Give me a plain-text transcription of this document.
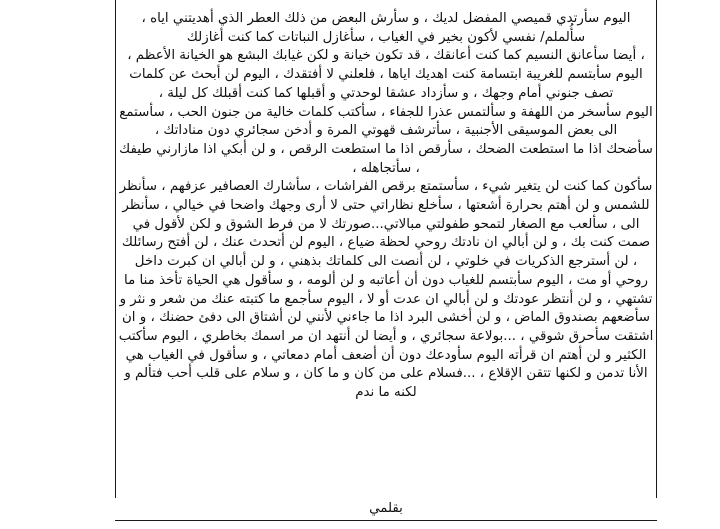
اليوم سأرتدي قميصي المفضل لديك ، و سأرش البعض من ذلك العطر الذي أهديتني اياه ، سأُلملم/ نفسي لأكون بخير في الغياب ، سأغازل النباتات كما كنت أغازلك

، أيضا سأعانق النسيم كما كنت أعانقك ، قد تكون خيانة و لكن غيابك البشع هو الخيانة الأعظم ، اليوم سأبتسم للغريبة ابتسامة كنت اهديك اياها ، فلعلني لا أفتقدك ، اليوم لن أبحث عن كلمات تصف جنوني أمام وجهك ، و سأزداد عشقا لوحدتي و أقبلها كما كنت أقبلك كل ليلة ،

اليوم سأسخر من اللهفة و سألتمس عذرا للجفاء ، سأكتب كلمات خالية من جنون الحب ، سأستمع الى بعض الموسيقى الأجنبية ، سأترشف قهوتي المرة و أدخن سجائري دون مناداتك ،

سأضحك اذا ما استطعت الضحك ، سأرقص اذا ما استطعت الرقص ، و لن أبكي اذا مازارني طيفك ، سأتجاهله ،

سأكون كما كنت لن يتغير شيء ، سأستمتع برقص الفراشات ، سأشارك العصافير عزفهم ، سأنظر للشمس و لن أهتم بحرارة أشعتها ، سأخلع نظاراتي حتى لا أرى وجهك واضحا في خيالي ، سأنظر الى ، سألعب مع الصغار لتمحو طفولتي مبالاتي...صورتك لا من فرط الشوق و لكن لأقول في صمت كنت بك ، و لن أبالي ان نادتك روحي لحظة ضياع ، اليوم لن أتحدث عنك ، لن أفتح رسائلك ، لن أسترجع الذكريات في خلوتي ، لن أنصت الى كلماتك بذهني ، و لن أبالي ان كبرت داخل روحي أو مت ، اليوم سأبتسم للغياب دون أن أعاتبه و لن ألومه ، و سأقول هي الحياة تأخذ منا ما تشتهي ، و لن أنتظر عودتك و لن أبالي ان عدت أو لا ، اليوم سأجمع ما كتبته عنك من شعر و نثر و سأضعهم بصندوق الماض ، و لن أخشى البرد اذا ما جاءني لأنني لن أشتاق الى دفئ حضنك ، و ان اشتقت سأحرق شوقي ، ...بولاعة سجائري ، و أيضا لن أنتهد ان مر اسمك بخاطري ، اليوم سأكتب الكثير و لن أهتم ان قرأته اليوم سأودعك دون أن أضعف أمام دمعاتي ، و سأقول في الغياب هي الأنا تدمن و لكنها تتقن الإقلاع ، ...فسلام على من كان و ما كان ، و سلام على قلب أحب فتألم و لكنه ما ندم

بقلمي
